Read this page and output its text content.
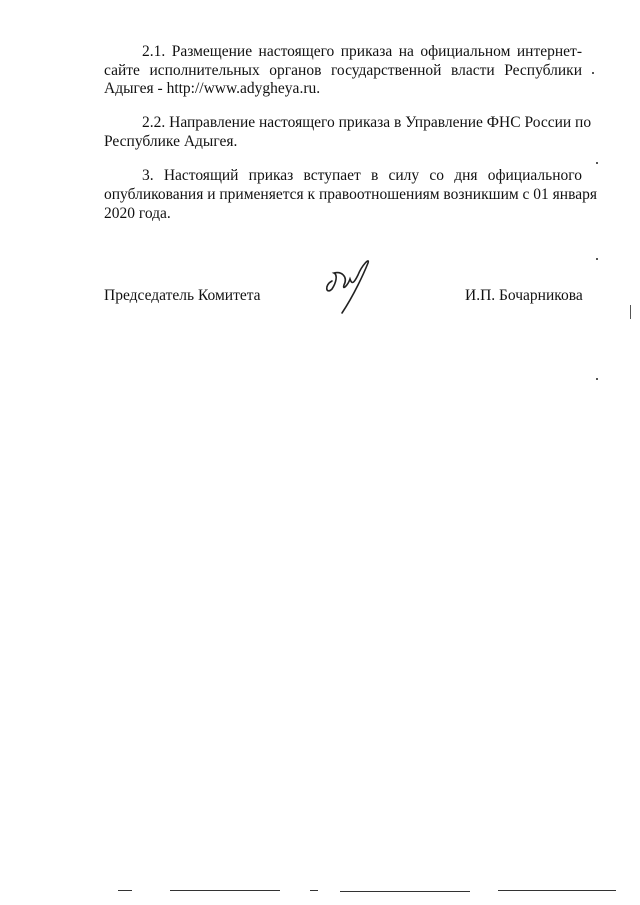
2.1. Размещение настоящего приказа на официальном интернет-
сайте исполнительных органов государственной власти Республики
Адыгея - http://www.adygheya.ru.
2.2. Направление настоящего приказа в Управление ФНС России по
Республике Адыгея.
3. Настоящий приказ вступает в силу со дня официального
опубликования и применяется к правоотношениям возникшим с 01 января
2020 года.
Председатель Комитета	И.П. Бочарникова
